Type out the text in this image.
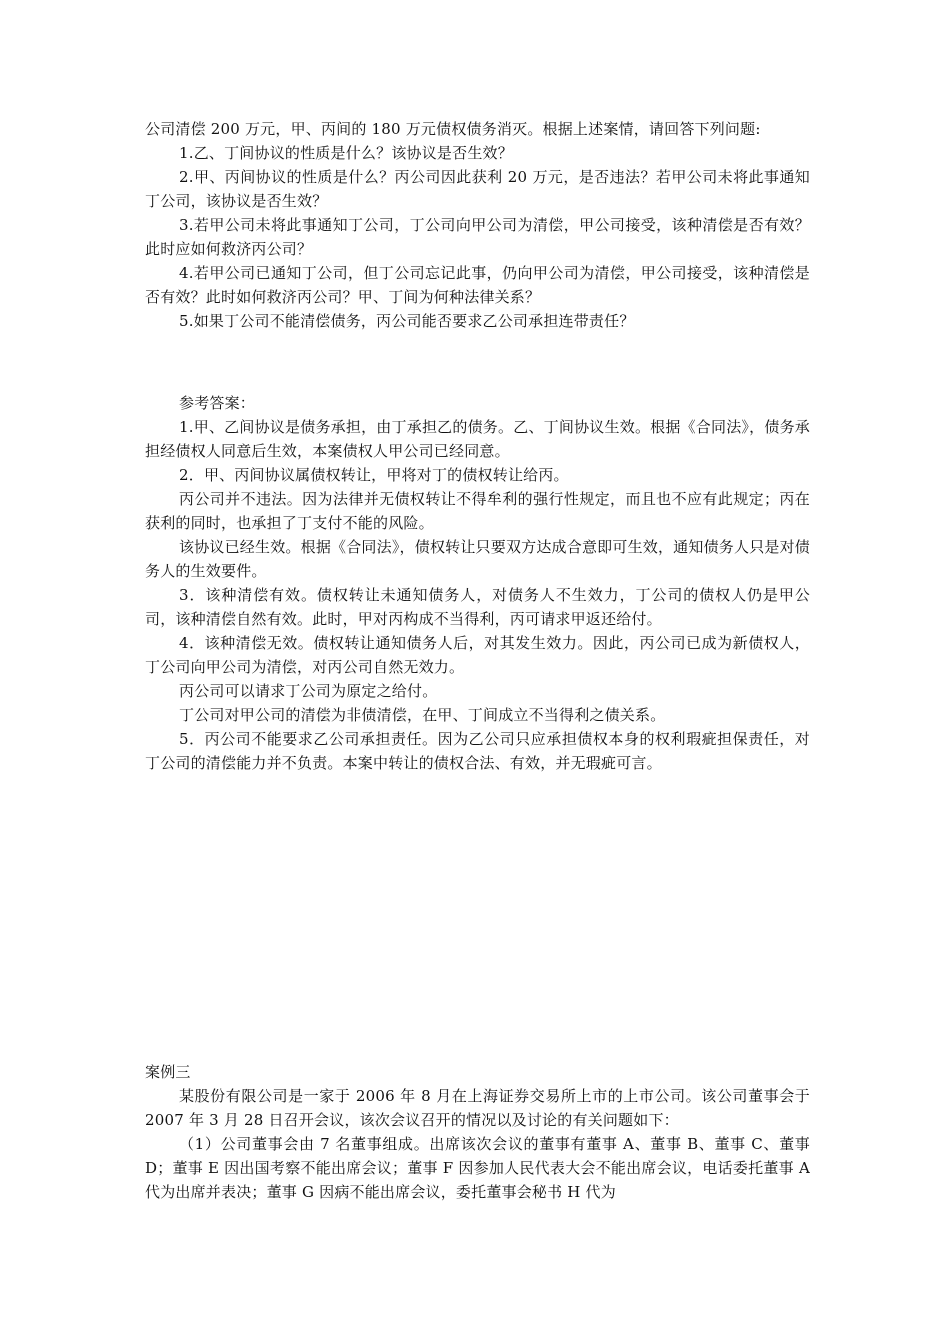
公司清偿 200 万元，甲、丙间的 180 万元债权债务消灭。根据上述案情，请回答下列问题:

1.乙、丁间协议的性质是什么？该协议是否生效？

2.甲、丙间协议的性质是什么？丙公司因此获利 20 万元，是否违法？若甲公司未将此事通知丁公司，该协议是否生效？

3.若甲公司未将此事通知丁公司，丁公司向甲公司为清偿，甲公司接受，该种清偿是否有效？此时应如何救济丙公司？

4.若甲公司已通知丁公司，但丁公司忘记此事，仍向甲公司为清偿，甲公司接受，该种清偿是否有效？此时如何救济丙公司？甲、丁间为何种法律关系？

5.如果丁公司不能清偿债务，丙公司能否要求乙公司承担连带责任？

参考答案：

1.甲、乙间协议是债务承担，由丁承担乙的债务。乙、丁间协议生效。根据《合同法》，债务承担经债权人同意后生效，本案债权人甲公司已经同意。

2．甲、丙间协议属债权转让，甲将对丁的债权转让给丙。

丙公司并不违法。因为法律并无债权转让不得牟利的强行性规定，而且也不应有此规定；丙在获利的同时，也承担了丁支付不能的风险。

该协议已经生效。根据《合同法》，债权转让只要双方达成合意即可生效，通知债务人只是对债务人的生效要件。

3．该种清偿有效。债权转让未通知债务人，对债务人不生效力，丁公司的债权人仍是甲公司，该种清偿自然有效。此时，甲对丙构成不当得利，丙可请求甲返还给付。

4．该种清偿无效。债权转让通知债务人后，对其发生效力。因此，丙公司已成为新债权人，丁公司向甲公司为清偿，对丙公司自然无效力。

丙公司可以请求丁公司为原定之给付。

丁公司对甲公司的清偿为非债清偿，在甲、丁间成立不当得利之债关系。

5．丙公司不能要求乙公司承担责任。因为乙公司只应承担债权本身的权利瑕疵担保责任，对丁公司的清偿能力并不负责。本案中转让的债权合法、有效，并无瑕疵可言。

案例三

某股份有限公司是一家于 2006 年 8 月在上海证券交易所上市的上市公司。该公司董事会于 2007 年 3 月 28 日召开会议，该次会议召开的情况以及讨论的有关问题如下：

（1）公司董事会由 7 名董事组成。出席该次会议的董事有董事 A、董事 B、董事 C、董事 D；董事 E 因出国考察不能出席会议；董事 F 因参加人民代表大会不能出席会议，电话委托董事 A 代为出席并表决；董事 G 因病不能出席会议，委托董事会秘书 H 代为
